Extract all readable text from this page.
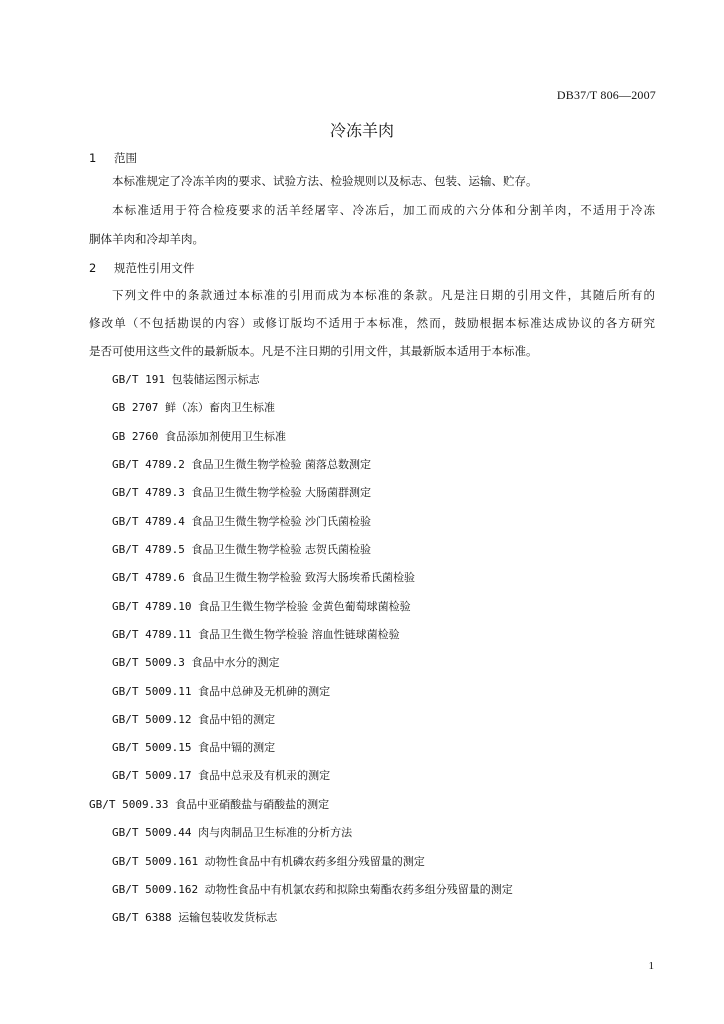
DB37/T 806—2007
冷冻羊肉
1 范围
本标准规定了冷冻羊肉的要求、试验方法、检验规则以及标志、包装、运输、贮存。
本标准适用于符合检疫要求的活羊经屠宰、冷冻后，加工而成的六分体和分割羊肉，不适用于冷冻
胴体羊肉和冷却羊肉。
2 规范性引用文件
下列文件中的条款通过本标准的引用而成为本标准的条款。凡是注日期的引用文件，其随后所有的
修改单（不包括勘误的内容）或修订版均不适用于本标准，然而，鼓励根据本标准达成协议的各方研究
是否可使用这些文件的最新版本。凡是不注日期的引用文件，其最新版本适用于本标准。
GB/T 191 包装储运图示标志
GB 2707 鲜（冻）畜肉卫生标准
GB 2760 食品添加剂使用卫生标准
GB/T 4789.2 食品卫生微生物学检验 菌落总数测定
GB/T 4789.3 食品卫生微生物学检验 大肠菌群测定
GB/T 4789.4 食品卫生微生物学检验 沙门氏菌检验
GB/T 4789.5 食品卫生微生物学检验 志贺氏菌检验
GB/T 4789.6 食品卫生微生物学检验 致泻大肠埃希氏菌检验
GB/T 4789.10 食品卫生微生物学检验 金黄色葡萄球菌检验
GB/T 4789.11 食品卫生微生物学检验 溶血性链球菌检验
GB/T 5009.3 食品中水分的测定
GB/T 5009.11 食品中总砷及无机砷的测定
GB/T 5009.12 食品中铅的测定
GB/T 5009.15 食品中镉的测定
GB/T 5009.17 食品中总汞及有机汞的测定
GB/T 5009.33 食品中亚硝酸盐与硝酸盐的测定
GB/T 5009.44 肉与肉制品卫生标准的分析方法
GB/T 5009.161 动物性食品中有机磷农药多组分残留量的测定
GB/T 5009.162 动物性食品中有机氯农药和拟除虫菊酯农药多组分残留量的测定
GB/T 6388 运输包装收发货标志
1
